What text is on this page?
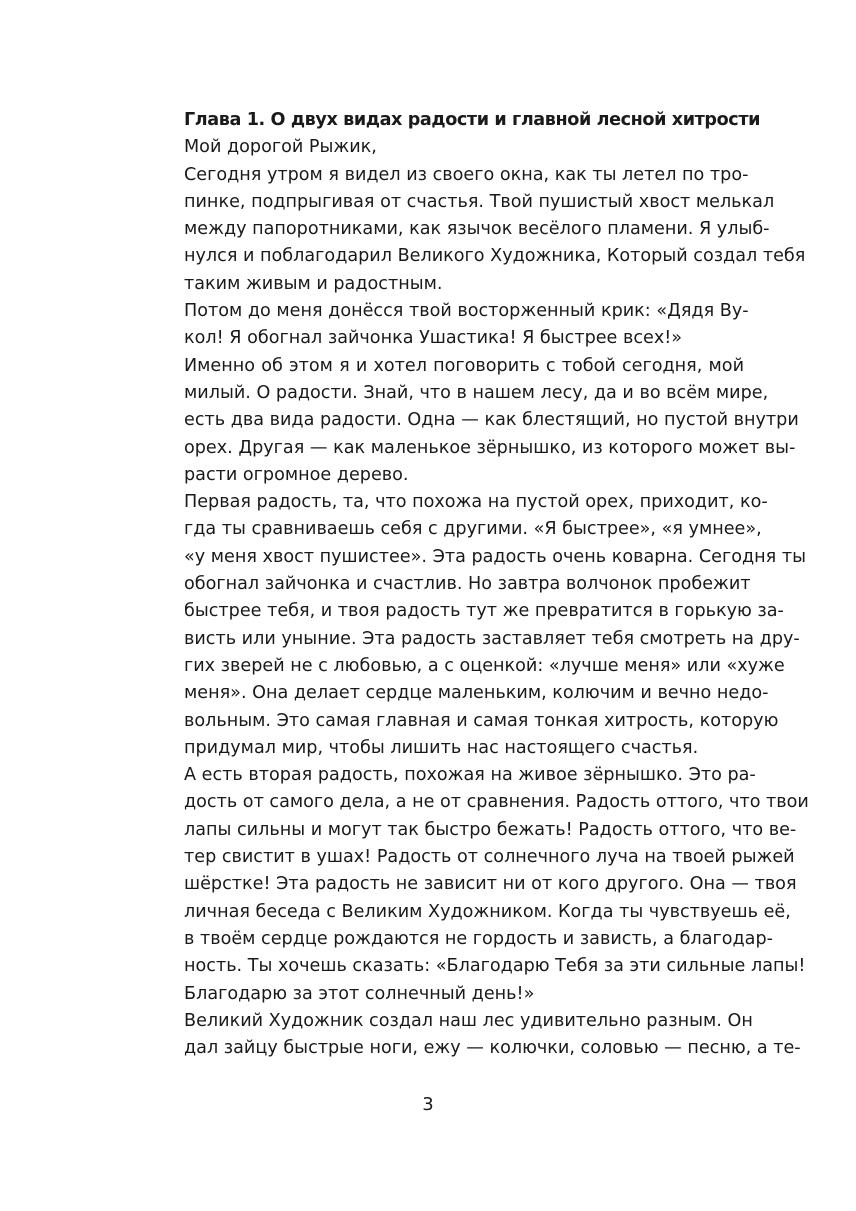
Глава 1. О двух видах радости и главной лесной хитрости

Мой дорогой Рыжик,
Сегодня утром я видел из своего окна, как ты летел по тро-
пинке, подпрыгивая от счастья. Твой пушистый хвост мелькал
между папоротниками, как язычок весёлого пламени. Я улыб-
нулся и поблагодарил Великого Художника, Который создал тебя
таким живым и радостным.
Потом до меня донёсся твой восторженный крик: «Дядя Ву-
кол! Я обогнал зайчонка Ушастика! Я быстрее всех!»
Именно об этом я и хотел поговорить с тобой сегодня, мой
милый. О радости. Знай, что в нашем лесу, да и во всём мире,
есть два вида радости. Одна — как блестящий, но пустой внутри
орех. Другая — как маленькое зёрнышко, из которого может вы-
расти огромное дерево.
Первая радость, та, что похожа на пустой орех, приходит, ко-
гда ты сравниваешь себя с другими. «Я быстрее», «я умнее»,
«у меня хвост пушистее». Эта радость очень коварна. Сегодня ты
обогнал зайчонка и счастлив. Но завтра волчонок пробежит
быстрее тебя, и твоя радость тут же превратится в горькую за-
висть или уныние. Эта радость заставляет тебя смотреть на дру-
гих зверей не с любовью, а с оценкой: «лучше меня» или «хуже
меня». Она делает сердце маленьким, колючим и вечно недо-
вольным. Это самая главная и самая тонкая хитрость, которую
придумал мир, чтобы лишить нас настоящего счастья.
А есть вторая радость, похожая на живое зёрнышко. Это ра-
дость от самого дела, а не от сравнения. Радость оттого, что твои
лапы сильны и могут так быстро бежать! Радость оттого, что ве-
тер свистит в ушах! Радость от солнечного луча на твоей рыжей
шёрстке! Эта радость не зависит ни от кого другого. Она — твоя
личная беседа с Великим Художником. Когда ты чувствуешь её,
в твоём сердце рождаются не гордость и зависть, а благодар-
ность. Ты хочешь сказать: «Благодарю Тебя за эти сильные лапы!
Благодарю за этот солнечный день!»
Великий Художник создал наш лес удивительно разным. Он
дал зайцу быстрые ноги, ежу — колючки, соловью — песню, а те-
3
